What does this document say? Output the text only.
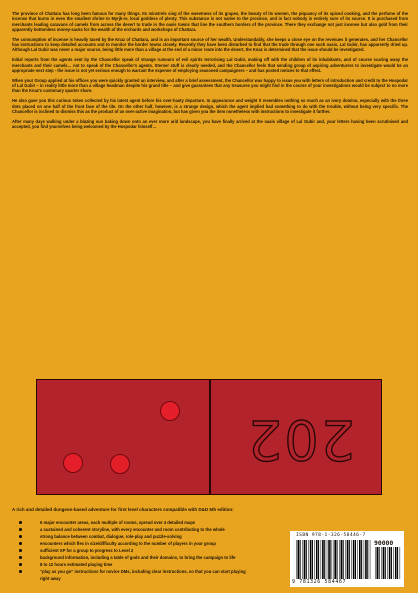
The province of Chattara has long been famous for many things. Its minstrels sing of the sweetness of its grapes, the beauty of its women, the piquancy of its spiced cooking, and the perfume of the incense that burns in even the smallest shrine to Myrjk-re, local goddess of plenty. This substance is not native to the province, and in fact nobody is entirely sure of its source. It is purchased from merchants leading caravans of camels from across the desert to trade in the oasis towns that line the southern borders of the province. There they exchange not just incense but also gold from their apparently bottomless money-sacks for the wealth of the orchards and workshops of Chattara.

The consumption of incense is heavily taxed by the Knaz of Chattara, and is an important source of her wealth. Understandably, she keeps a close eye on the revenues it generates, and her Chancellor has instructions to keep detailed accounts and to monitor the border towns closely. Recently they have been disturbed to find that the trade through one such oasis, Lal Gubir, has apparently dried up. Although Lal Gubir was never a major source, being little more than a village at the end of a minor route into the desert, the Knaz is determined that the issue should be investigated.

Initial reports from the agents sent by the Chancellor speak of strange rumours of evil spirits terrorising Lal Gubir, making off with the children of its inhabitants, and of course scaring away the merchants and their camels… not to speak of the Chancellor's agents. Sterner stuff is clearly needed, and the Chancellor feels that sending group of aspiring adventurers to investigate would be an appropriate next step - the issue is not yet serious enough to warrant the expense of employing seasoned campaigners – and has posted notices to that effect.

When your Group applied at his offices you were quickly granted an interview, and after a brief assessment, the Chancellor was happy to issue you with letters of introduction and credit to the Hospodar of Lal Gubir – in reality little more than a village headman despite his grand title – and give guarantees that any treasures you might find in the course of your investigations would be subject to no more than the Knaz's customary quarter share.

He also gave you this curious token collected by his latest agent before his over-hasty departure. In appearance and weight it resembles nothing so much as an ivory domino, especially with the three dots placed on one half of the front face of the tile. On the other half, however, is a strange design, which the agent implied had something to do with the trouble, without being very specific. The Chancellor is inclined to dismiss this as the product of an over-active imagination, but has given you the item nonetheless with instructions to investigate it further.

After many days walking under a blazing sun baking down onto an ever more arid landscape, you have finally arrived at the oasis village of Lal Gubir and, your letters having been scrutinised and accepted, you find yourselves being welcomed by the Hospodar himself…

202
A rich and detailed dungeon-based adventure for first level characters compatible with D&D 5th edition:
6 major encounter areas, each multiple of rooms, spread over 4 detailed maps
a sustained and coherent storyline, with every encounter and room contributing to the whole
strong balance between combat, dialogue, role-play and puzzle-solving
encounters which flex in size/difficulty according to the number of players in your group
sufficient XP for a group to progress to Level 2
background information, including a table of gods and their domains, to bring the campaign to life
8 to 12 hours estimated playing time
“play as you go” instructions for novice DMs, including clear instructions, so that you can start playing right away
ISBN 978-1-326-58446-7
90000
9 781326 584467
